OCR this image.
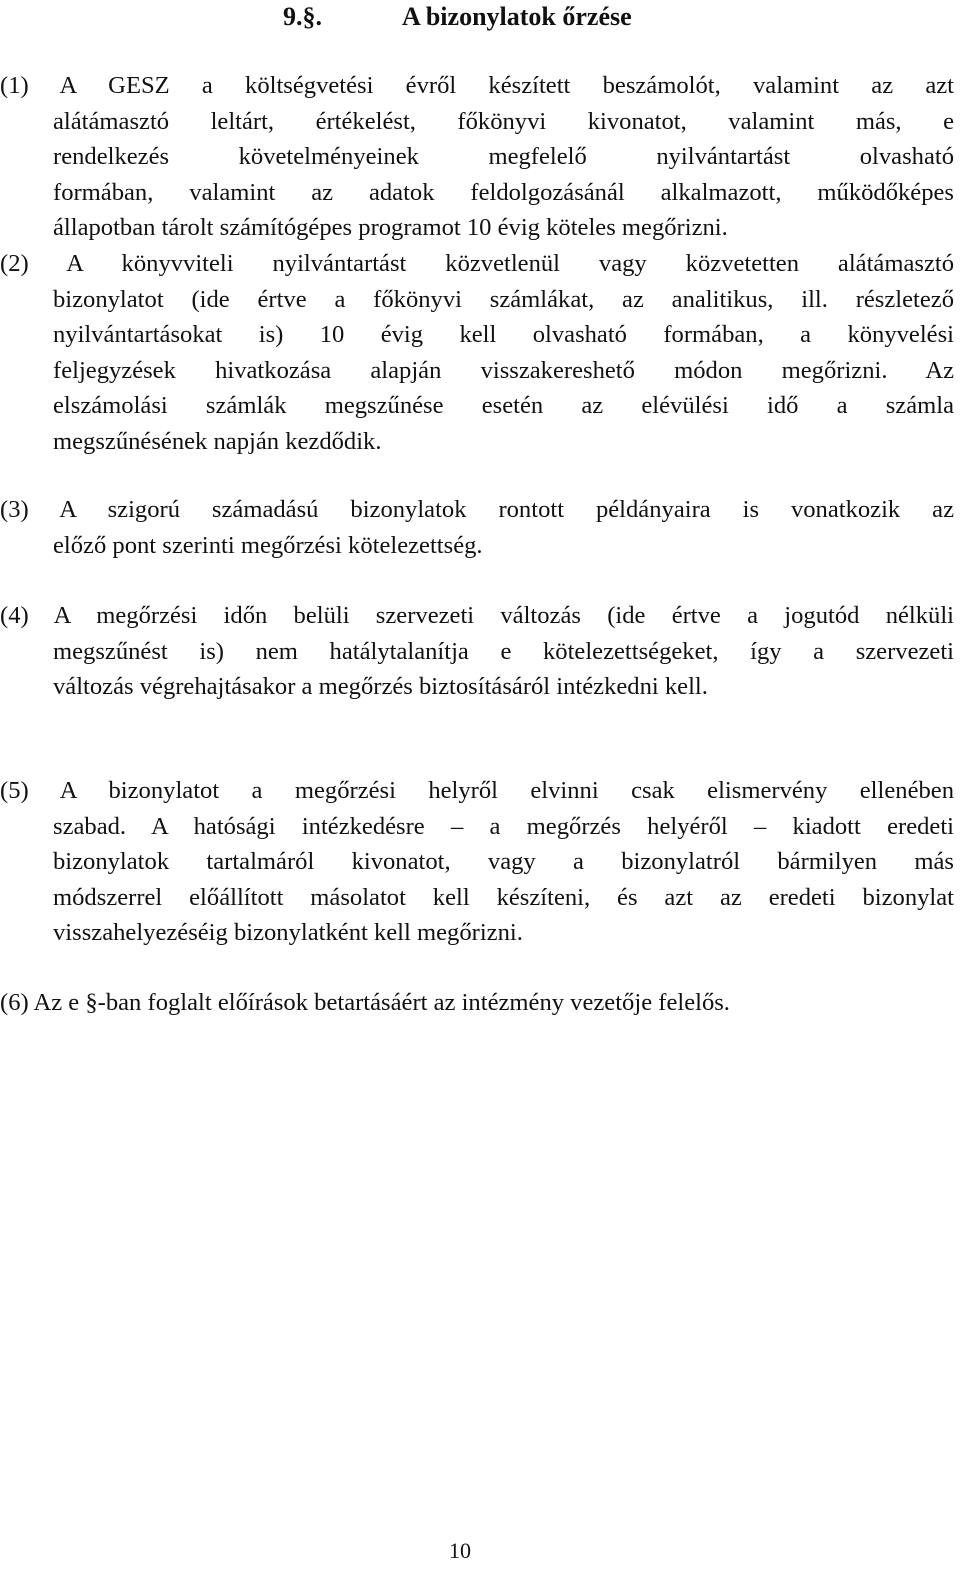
9.§.	A bizonylatok őrzése
(1) A GESZ a költségvetési évről készített beszámolót, valamint az azt
alátámasztó leltárt, értékelést, főkönyvi kivonatot, valamint más, e
rendelkezés követelményeinek megfelelő nyilvántartást olvasható
formában, valamint az adatok feldolgozásánál alkalmazott, működőképes
állapotban tárolt számítógépes programot 10 évig köteles megőrizni.
(2) A könyvviteli nyilvántartást közvetlenül vagy közvetetten alátámasztó
bizonylatot (ide értve a főkönyvi számlákat, az analitikus, ill. részletező
nyilvántartásokat is) 10 évig kell olvasható formában, a könyvelési
feljegyzések hivatkozása alapján visszakereshető módon megőrizni. Az
elszámolási számlák megszűnése esetén az elévülési idő a számla
megszűnésének napján kezdődik.
(3) A szigorú számadású bizonylatok rontott példányaira is vonatkozik az
előző pont szerinti megőrzési kötelezettség.
(4) A megőrzési időn belüli szervezeti változás (ide értve a jogutód nélküli
megszűnést is) nem hatálytalanítja e kötelezettségeket, így a szervezeti
változás végrehajtásakor a megőrzés biztosításáról intézkedni kell.
(5) A bizonylatot a megőrzési helyről elvinni csak elismervény ellenében
szabad. A hatósági intézkedésre – a megőrzés helyéről – kiadott eredeti
bizonylatok tartalmáról kivonatot, vagy a bizonylatról bármilyen más
módszerrel előállított másolatot kell készíteni, és azt az eredeti bizonylat
visszahelyezéséig bizonylatként kell megőrizni.
(6) Az e §-ban foglalt előírások betartásáért az intézmény vezetője felelős.
10
